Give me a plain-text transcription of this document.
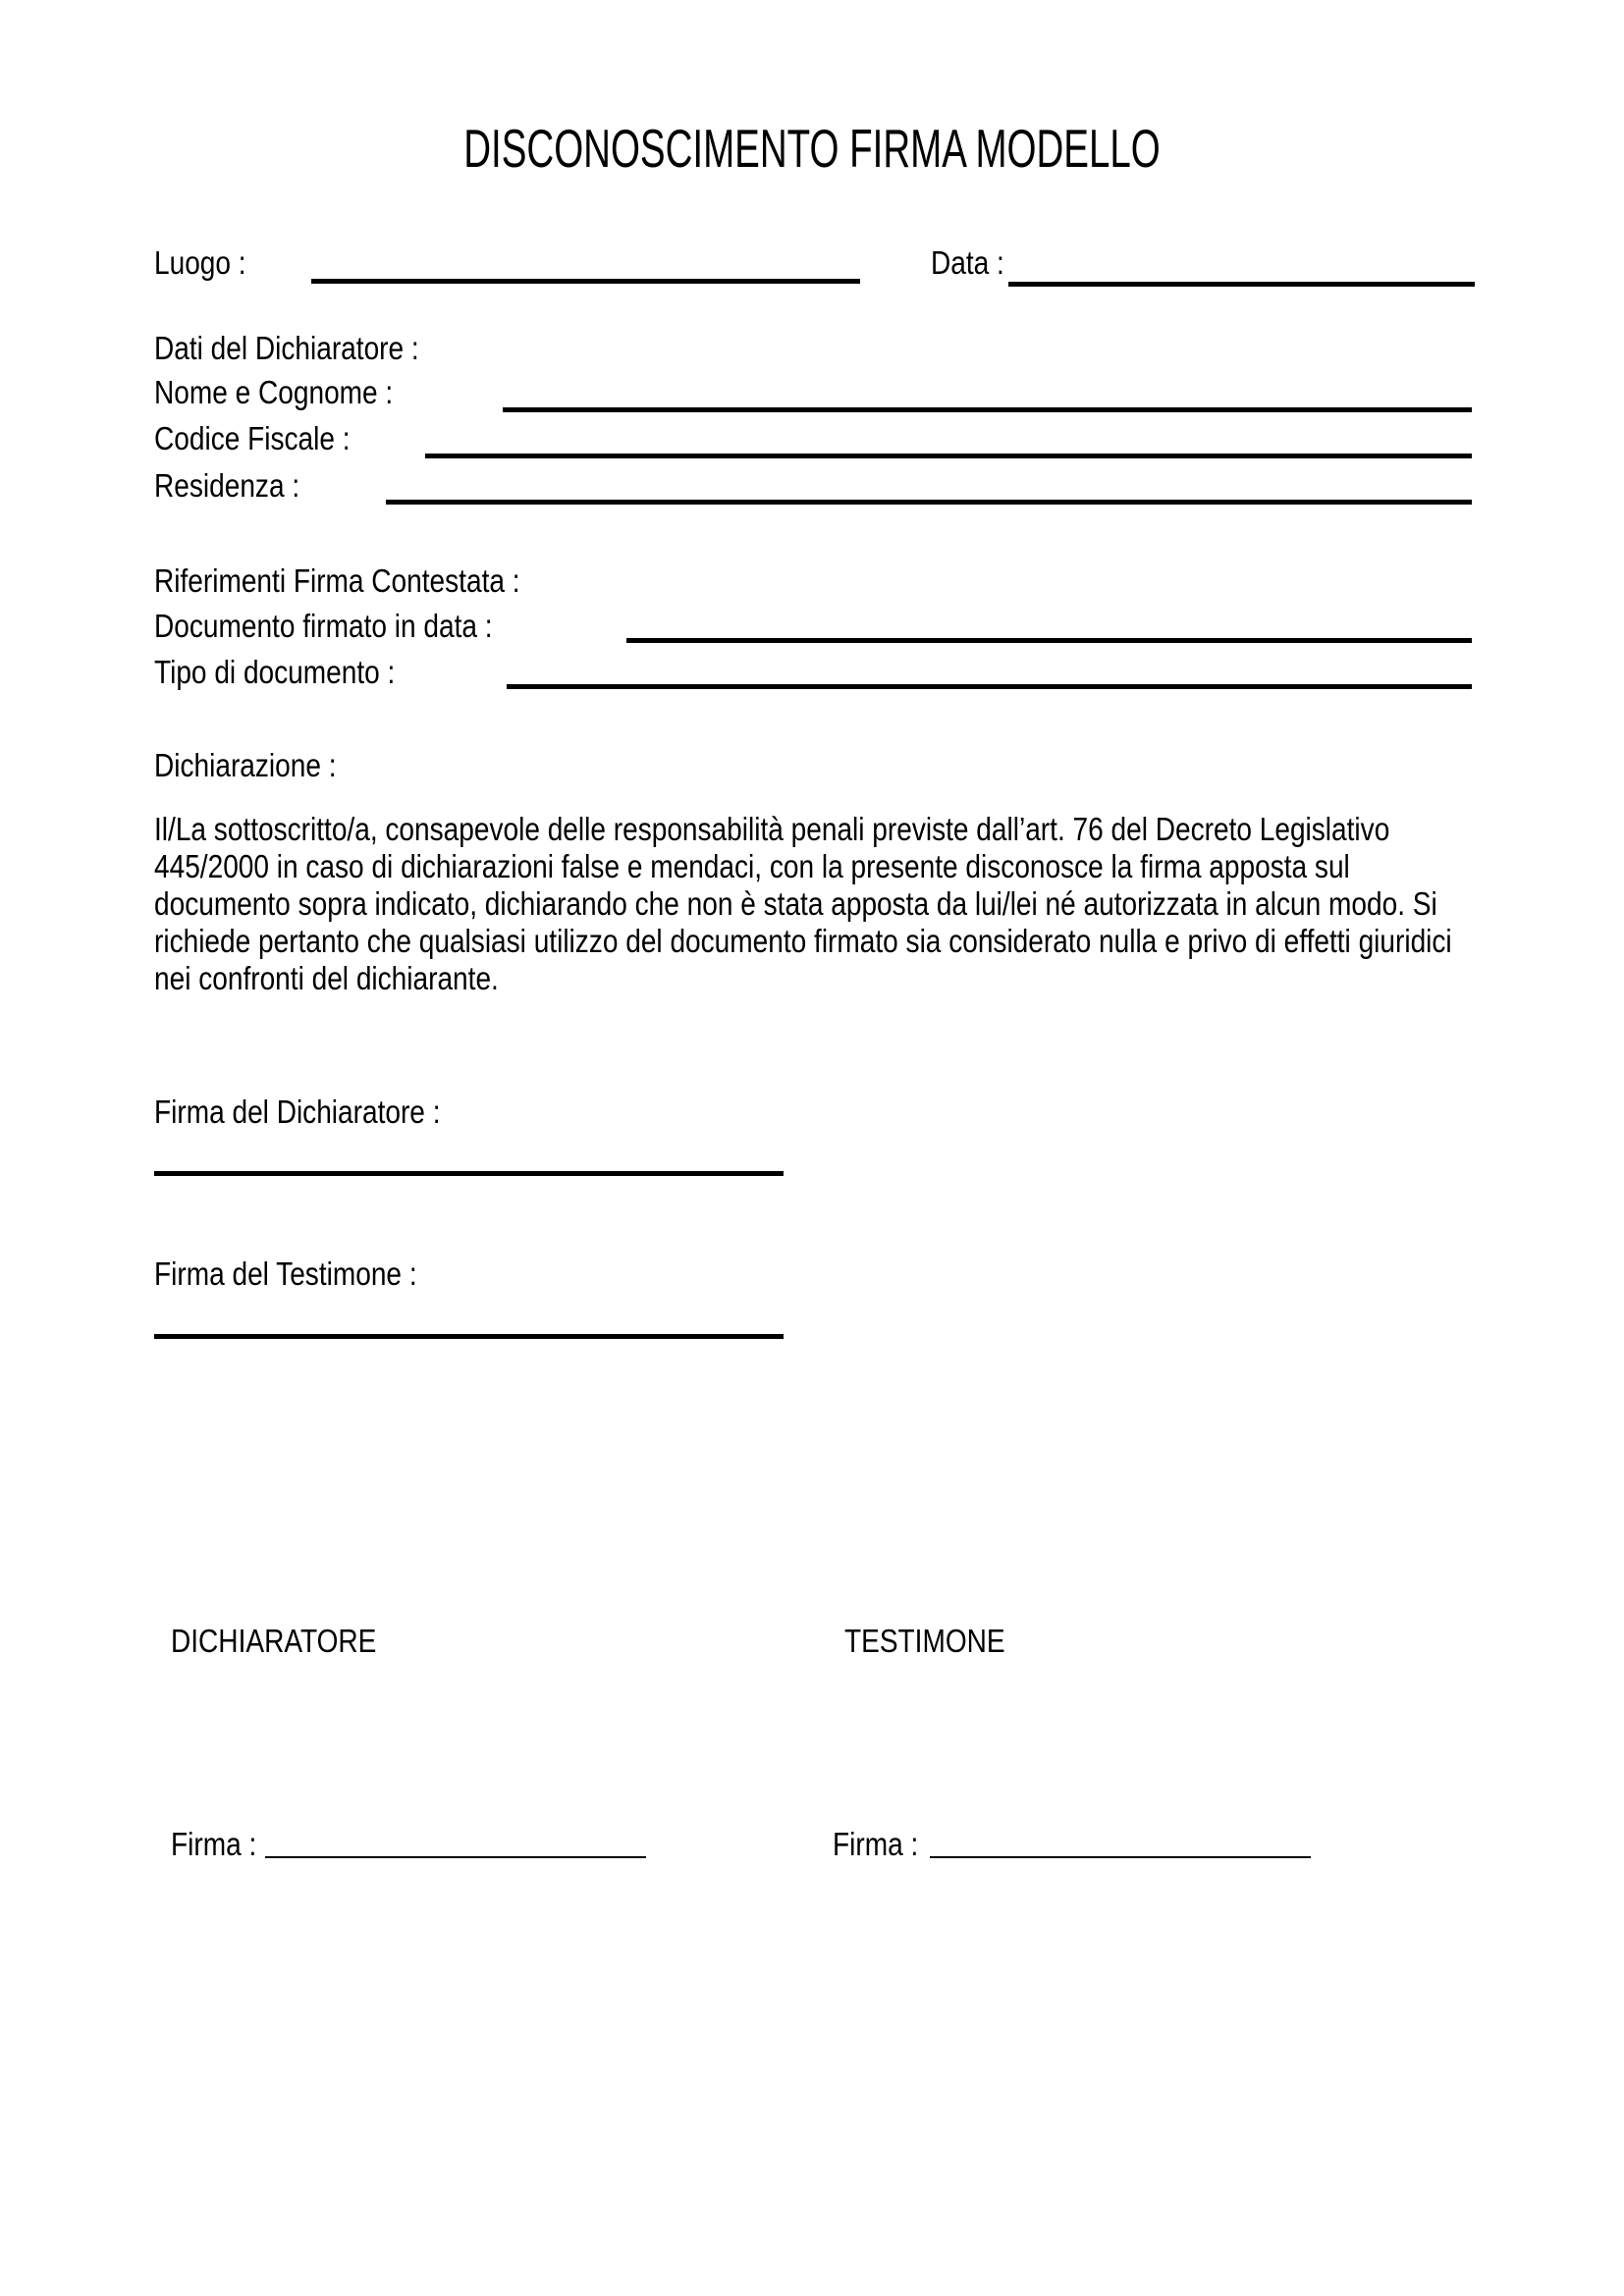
DISCONOSCIMENTO FIRMA MODELLO
Luogo :	Data :
Dati del Dichiaratore :
Nome e Cognome :
Codice Fiscale :
Residenza :
Riferimenti Firma Contestata :
Documento firmato in data :
Tipo di documento :
Dichiarazione :
Il/La sottoscritto/a, consapevole delle responsabilità penali previste dall’art. 76 del Decreto Legislativo
445/2000 in caso di dichiarazioni false e mendaci, con la presente disconosce la firma apposta sul
documento sopra indicato, dichiarando che non è stata apposta da lui/lei né autorizzata in alcun modo. Si
richiede pertanto che qualsiasi utilizzo del documento firmato sia considerato nulla e privo di effetti giuridici
nei confronti del dichiarante.
Firma del Dichiaratore :
Firma del Testimone :
DICHIARATORE	TESTIMONE
Firma :	Firma :
